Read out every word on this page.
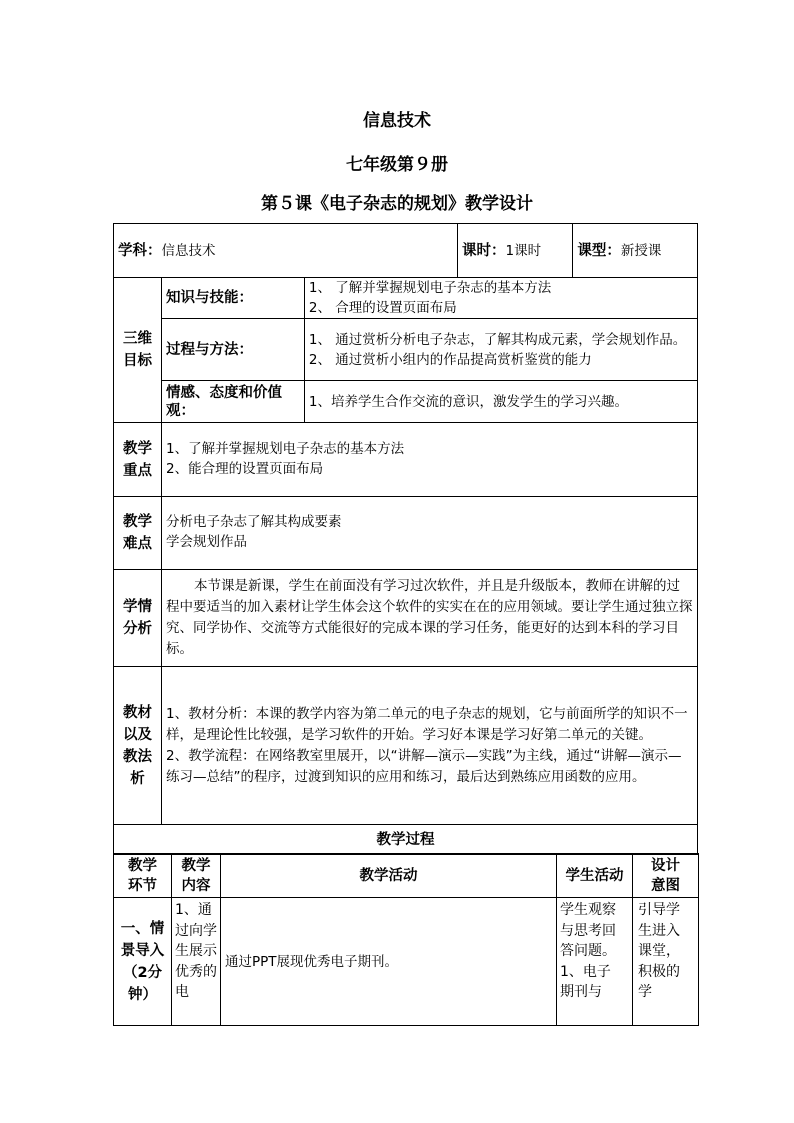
信息技术
七年级第９册
第５课《电子杂志的规划》教学设计
学科：信息技术			课时：1课时	课型：新授课

三维目标	知识与技能：	1、 了解并掌握规划电子杂志的基本方法
2、 合理的设置页面布局		

	过程与方法：	1、 通过赏析分析电子杂志，了解其构成元素，学会规划作品。
2、 通过赏析小组内的作品提高赏析鉴赏的能力		

	情感、态度和价值观：	1、培养学生合作交流的意识，激发学生的学习兴趣。		

教学重点	1、了解并掌握规划电子杂志的基本方法
2、能合理的设置页面布局			

教学难点	分析电子杂志了解其构成要素
学会规划作品			

学情分析	本节课是新课，学生在前面没有学习过次软件，并且是升级版本，教师在讲解的过程中要适当的加入素材让学生体会这个软件的实实在在的应用领域。要让学生通过独立探究、同学协作、交流等方式能很好的完成本课的学习任务，能更好的达到本科的学习目标。			

教材以及教法析	1、教材分析：本课的教学内容为第二单元的电子杂志的规划，它与前面所学的知识不一样，是理论性比较强，是学习软件的开始。学习好本课是学习好第二单元的关键。
2、教学流程：在网络教室里展开，以“讲解—演示—实践”为主线，通过“讲解—演示—练习—总结”的程序，过渡到知识的应用和练习，最后达到熟练应用函数的应用。			

教学过程				
教学环节	教学内容	教学活动	学生活动	设计意图

一、情景导入（2分钟）	1、通过向学生展示优秀的电	通过PPT展现优秀电子期刊。	学生观察与思考回答问题。1、电子期刊与	引导学生进入课堂，积极的学
